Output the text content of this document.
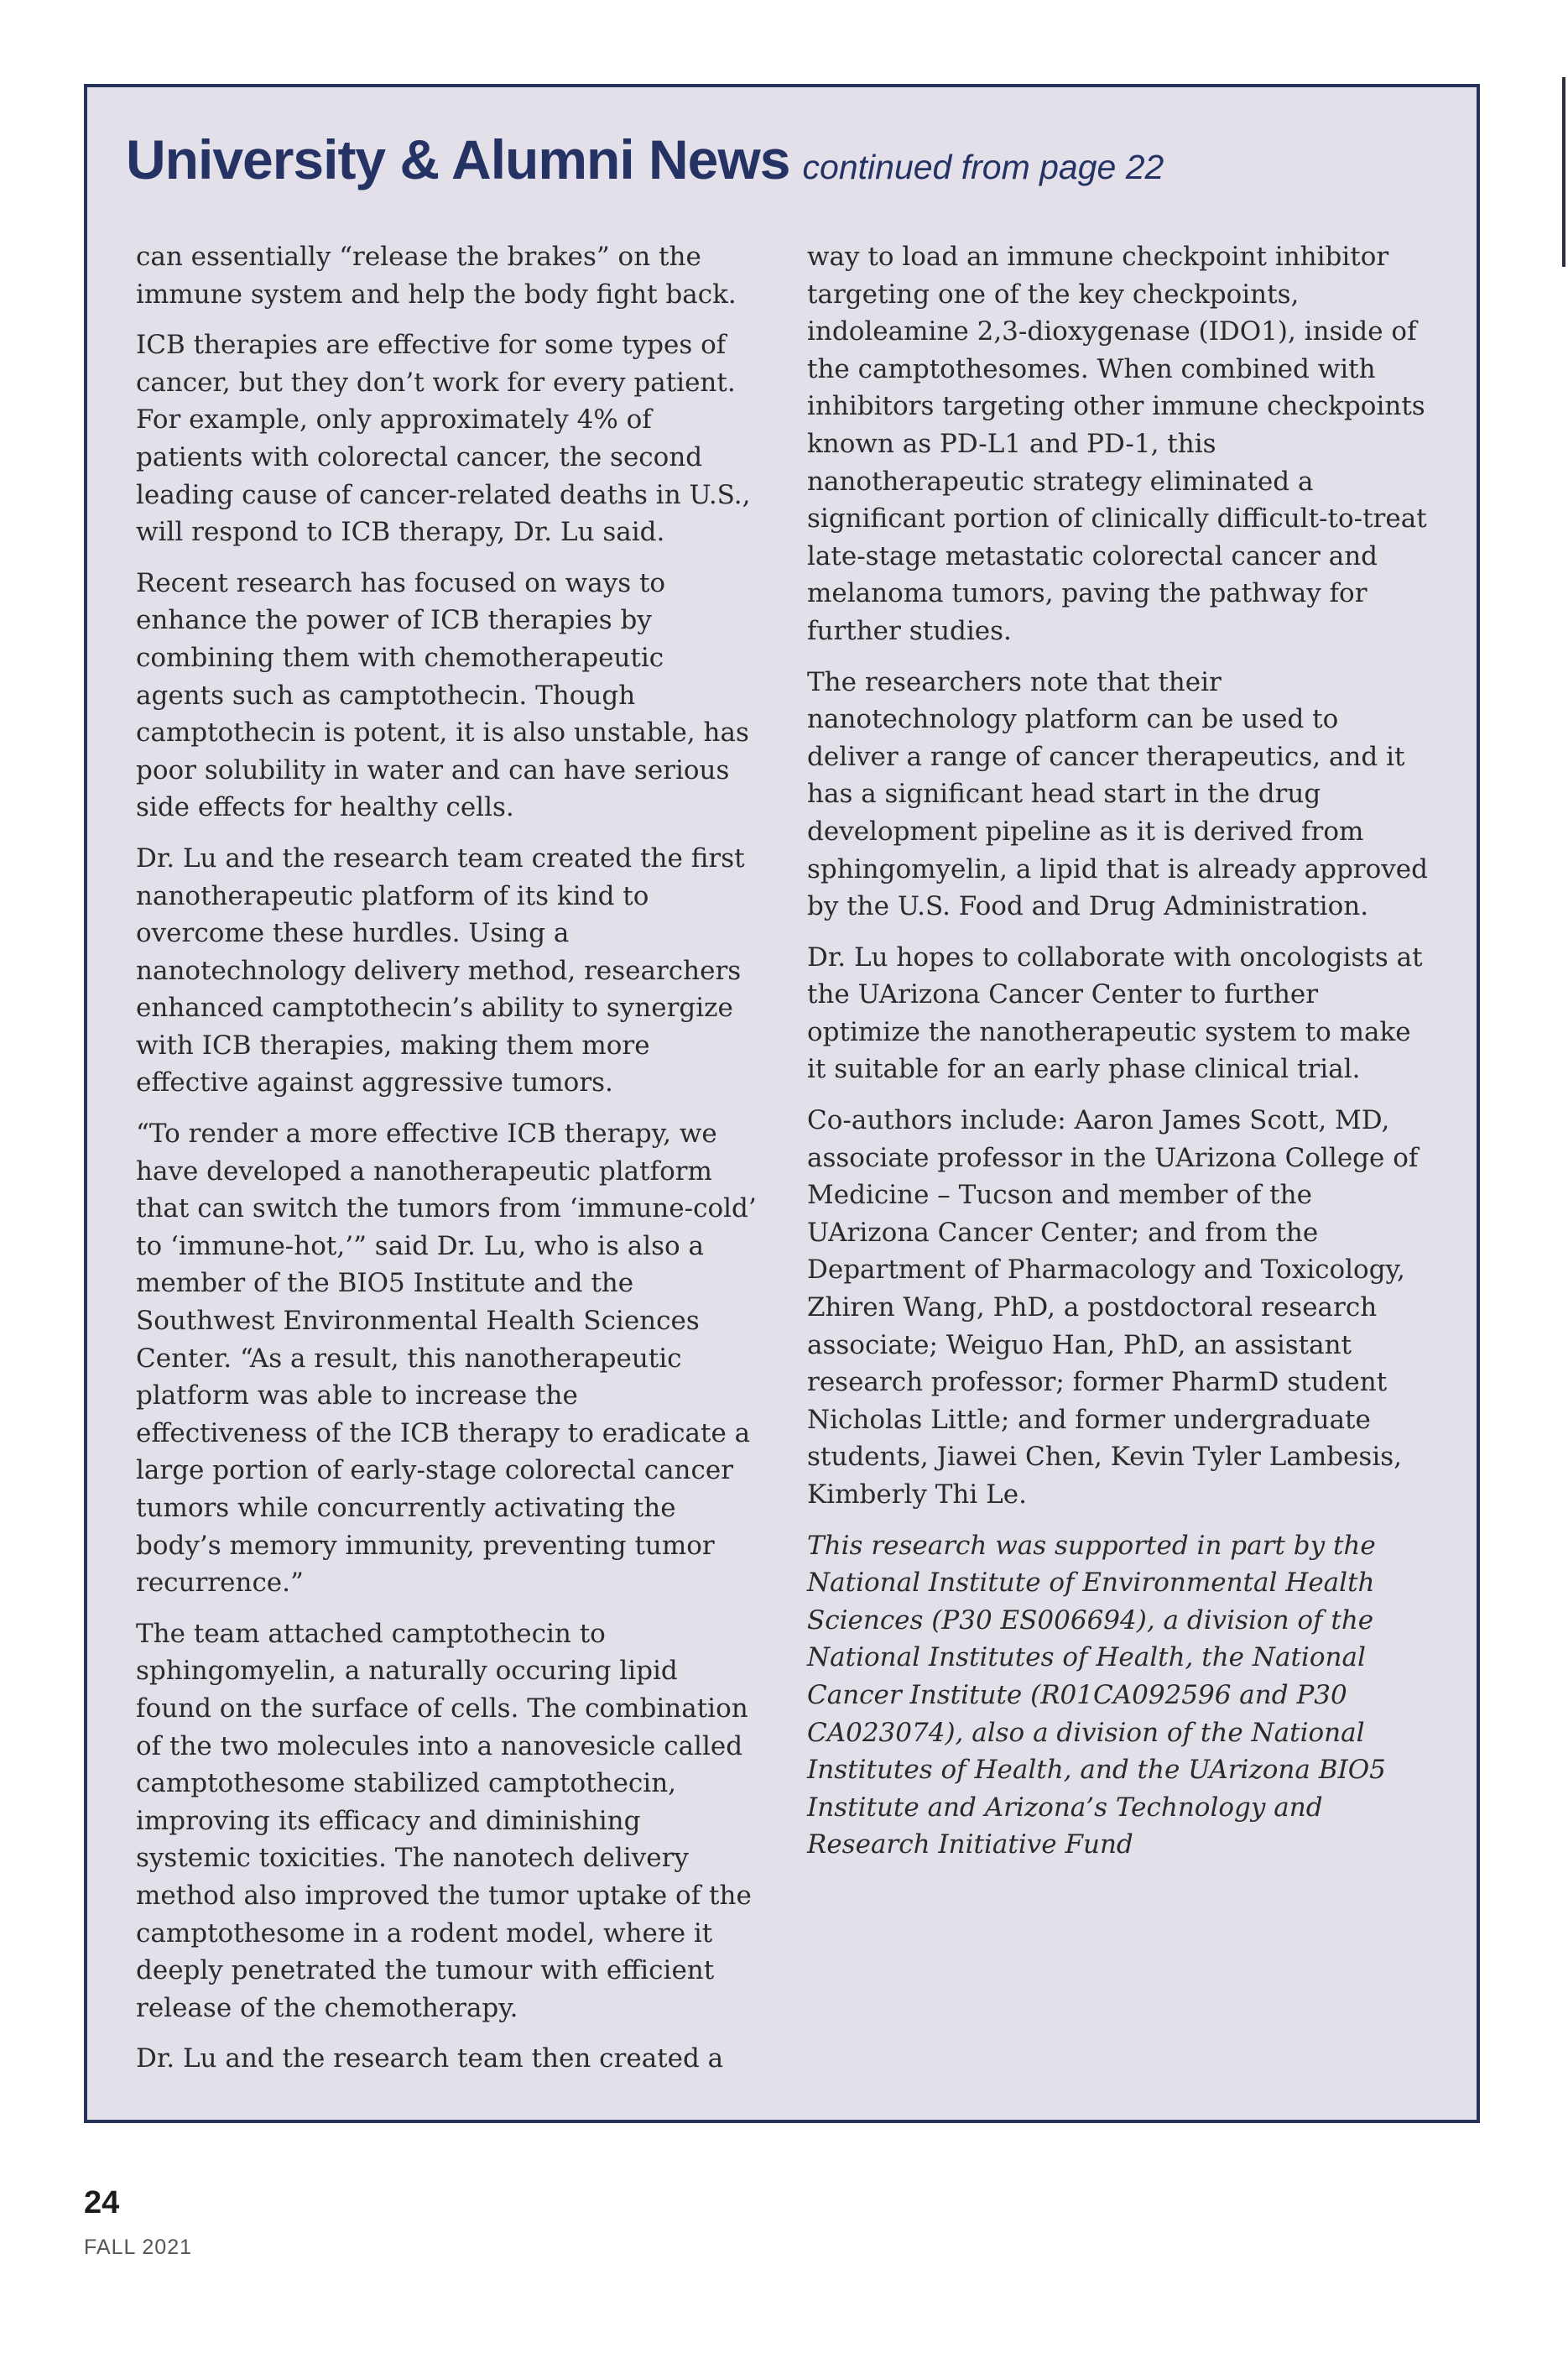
University & Alumni News continued from page 22

can essentially “release the brakes” on the immune system and help the body fight back.

ICB therapies are effective for some types of cancer, but they don’t work for every patient. For example, only approximately 4% of patients with colorectal cancer, the second leading cause of cancer-related deaths in U.S., will respond to ICB therapy, Dr. Lu said.

Recent research has focused on ways to enhance the power of ICB therapies by combining them with chemotherapeutic agents such as camptothecin. Though camptothecin is potent, it is also unstable, has poor solubility in water and can have serious side effects for healthy cells.

Dr. Lu and the research team created the first nanotherapeutic platform of its kind to overcome these hurdles. Using a nanotechnology delivery method, researchers enhanced camptothecin’s ability to synergize with ICB therapies, making them more effective against aggressive tumors.

“To render a more effective ICB therapy, we have developed a nanotherapeutic platform that can switch the tumors from ‘immune-cold’ to ‘immune-hot,’” said Dr. Lu, who is also a member of the BIO5 Institute and the Southwest Environmental Health Sciences Center. “As a result, this nanotherapeutic platform was able to increase the effectiveness of the ICB therapy to eradicate a large portion of early-stage colorectal cancer tumors while concurrently activating the body’s memory immunity, preventing tumor recurrence.”

The team attached camptothecin to sphingomyelin, a naturally occuring lipid found on the surface of cells. The combination of the two molecules into a nanovesicle called camptothesome stabilized camptothecin, improving its efficacy and diminishing systemic toxicities. The nanotech delivery method also improved the tumor uptake of the camptothesome in a rodent model, where it deeply penetrated the tumour with efficient release of the chemotherapy.

Dr. Lu and the research team then created a

way to load an immune checkpoint inhibitor targeting one of the key checkpoints, indoleamine 2,3-dioxygenase (IDO1), inside of the camptothesomes. When combined with inhibitors targeting other immune checkpoints known as PD-L1 and PD-1, this nanotherapeutic strategy eliminated a significant portion of clinically difficult-to-treat late-stage metastatic colorectal cancer and melanoma tumors, paving the pathway for further studies.

The researchers note that their nanotechnology platform can be used to deliver a range of cancer therapeutics, and it has a significant head start in the drug development pipeline as it is derived from sphingomyelin, a lipid that is already approved by the U.S. Food and Drug Administration.

Dr. Lu hopes to collaborate with oncologists at the UArizona Cancer Center to further optimize the nanotherapeutic system to make it suitable for an early phase clinical trial.

Co-authors include: Aaron James Scott, MD, associate professor in the UArizona College of Medicine – Tucson and member of the UArizona Cancer Center; and from the Department of Pharmacology and Toxicology, Zhiren Wang, PhD, a postdoctoral research associate; Weiguo Han, PhD, an assistant research professor; former PharmD student Nicholas Little; and former undergraduate students, Jiawei Chen, Kevin Tyler Lambesis, Kimberly Thi Le.

This research was supported in part by the National Institute of Environmental Health Sciences (P30 ES006694), a division of the National Institutes of Health, the National Cancer Institute (R01CA092596 and P30 CA023074), also a division of the National Institutes of Health, and the UArizona BIO5 Institute and Arizona’s Technology and Research Initiative Fund

24
FALL 2021
